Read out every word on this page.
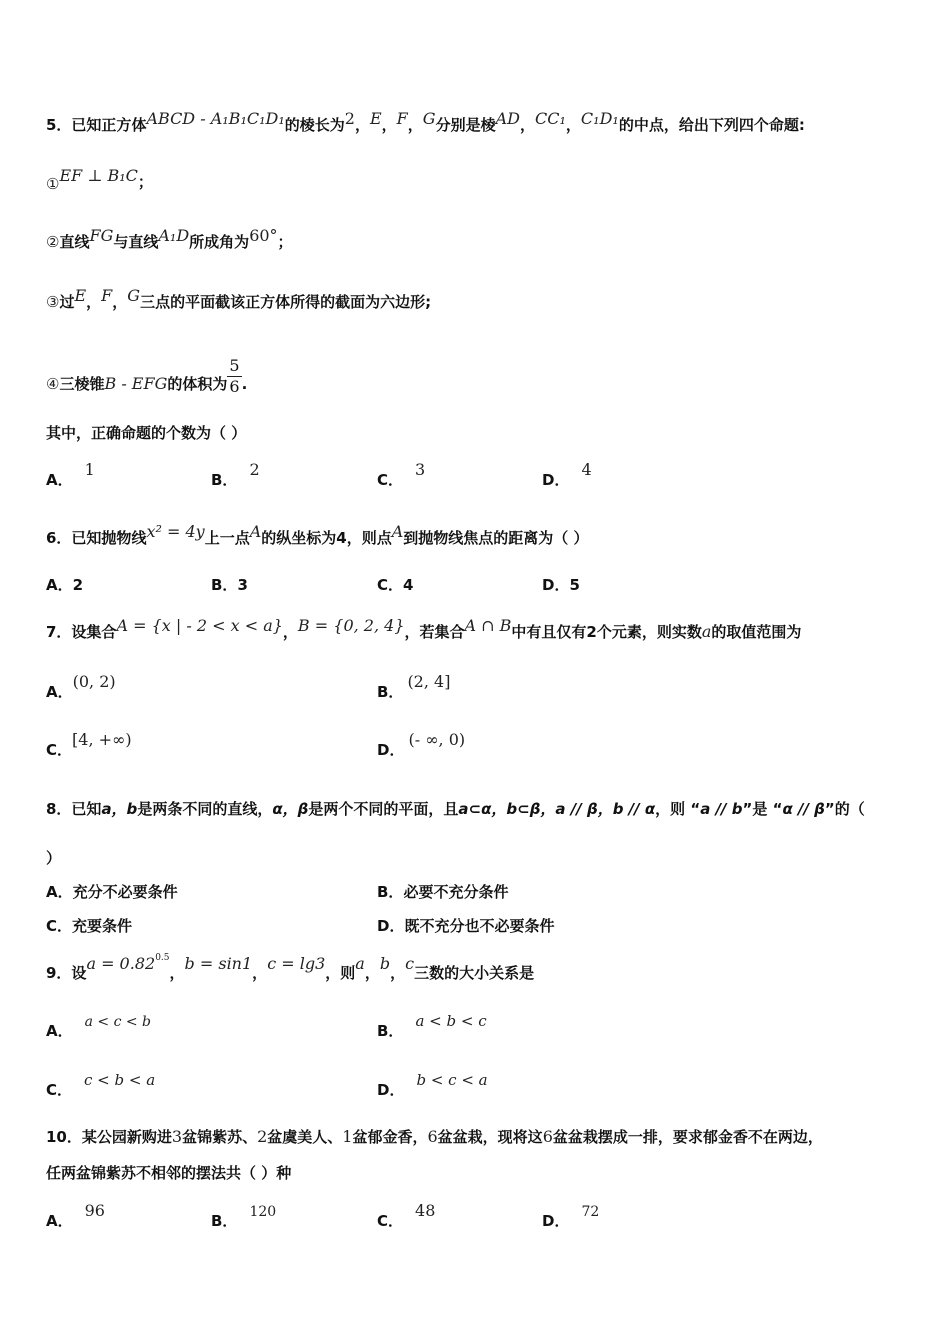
5．已知正方体ABCD - A₁B₁C₁D₁的棱长为2，E，F，G分别是棱AD，CC₁，C₁D₁的中点，给出下列四个命题:
①EF ⊥ B₁C；
②直线FG与直线A₁D所成角为60°；
③过E，F，G三点的平面截该正方体所得的截面为六边形;
④三棱锥B - EFG的体积为 $\frac{5}{6}$ .
其中，正确命题的个数为（ ）
A．1
B．2
C．3
D．4
6．已知抛物线x² = 4y上一点A的纵坐标为4，则点A到抛物线焦点的距离为（ ）
A．2	B．3	C．4	D．5
7．设集合A = {x | - 2 < x < a}，B = {0, 2, 4}，若集合A ∩ B中有且仅有2个元素，则实数a的取值范围为
A．(0, 2)
B．(2, 4]
C．[4, +∞)
D．(- ∞, 0)
8．已知a，b是两条不同的直线，α，β是两个不同的平面，且a⊂α，b⊂β，a // β，b // α，则 “a // b”是 “α // β”的（
）
A．充分不必要条件	B．必要不充分条件
C．充要条件	D．既不充分也不必要条件
9．设$a = 0.82^{0.5}$，b = sin1，c = lg3，则a，b，c三数的大小关系是
A． a < c < b	B．a < b < c
C．c < b < a
D．b < c < a
10．某公园新购进3盆锦紫苏、2盆虞美人、1盆郁金香，6盆盆栽，现将这6盆盆栽摆成一排，要求郁金香不在两边，
任两盆锦紫苏不相邻的摆法共（ ）种
A．96
B． 120	C．48
D． 72
